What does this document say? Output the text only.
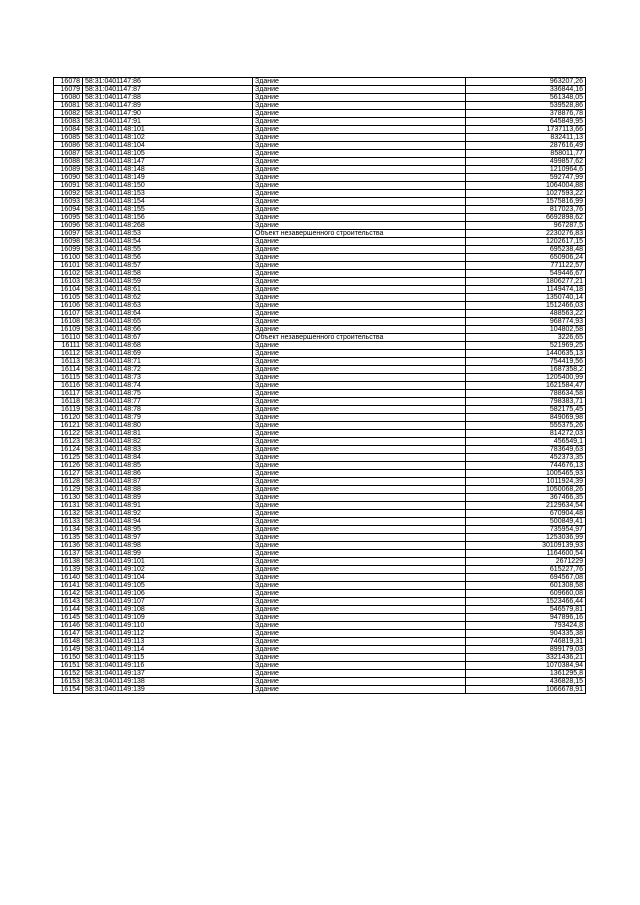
16078	58:31:0401147:86	Здание	963207,26
16079	58:31:0401147:87	Здание	336844,16
16080	58:31:0401147:88	Здание	561348,05
16081	58:31:0401147:89	Здание	539528,86
16082	58:31:0401147:90	Здание	378876,78
16083	58:31:0401147:91	Здание	645849,95
16084	58:31:0401148:101	Здание	1737113,66
16085	58:31:0401148:102	Здание	832411,13
16086	58:31:0401148:104	Здание	287616,49
16087	58:31:0401148:105	Здание	858011,77
16088	58:31:0401148:147	Здание	499857,62
16089	58:31:0401148:148	Здание	1210964,6
16090	58:31:0401148:149	Здание	592747,99
16091	58:31:0401148:150	Здание	1064004,88
16092	58:31:0401148:153	Здание	1027593,22
16093	58:31:0401148:154	Здание	1575816,99
16094	58:31:0401148:155	Здание	817023,76
16095	58:31:0401148:156	Здание	6692898,62
16096	58:31:0401148:268	Здание	967287,5
16097	58:31:0401148:53	Объект незавершенного строительства	2230276,83
16098	58:31:0401148:54	Здание	1202617,15
16099	58:31:0401148:55	Здание	695238,48
16100	58:31:0401148:56	Здание	650906,24
16101	58:31:0401148:57	Здание	771122,57
16102	58:31:0401148:58	Здание	549446,67
16103	58:31:0401148:59	Здание	1806277,21
16104	58:31:0401148:61	Здание	1149474,18
16105	58:31:0401148:62	Здание	1350740,14
16106	58:31:0401148:63	Здание	1512466,03
16107	58:31:0401148:64	Здание	488563,22
16108	58:31:0401148:65	Здание	968774,93
16109	58:31:0401148:66	Здание	104802,58
16110	58:31:0401148:67	Объект незавершенного строительства	3226,65
16111	58:31:0401148:68	Здание	521969,25
16112	58:31:0401148:69	Здание	1440635,13
16113	58:31:0401148:71	Здание	754419,56
16114	58:31:0401148:72	Здание	1687358,2
16115	58:31:0401148:73	Здание	1205400,99
16116	58:31:0401148:74	Здание	1621584,47
16117	58:31:0401148:75	Здание	788634,58
16118	58:31:0401148:77	Здание	798383,71
16119	58:31:0401148:78	Здание	582175,45
16120	58:31:0401148:79	Здание	849069,98
16121	58:31:0401148:80	Здание	555375,26
16122	58:31:0401148:81	Здание	814272,03
16123	58:31:0401148:82	Здание	456549,1
16124	58:31:0401148:83	Здание	783649,63
16125	58:31:0401148:84	Здание	452373,35
16126	58:31:0401148:85	Здание	744676,13
16127	58:31:0401148:86	Здание	1005465,93
16128	58:31:0401148:87	Здание	1011924,39
16129	58:31:0401148:88	Здание	1050068,26
16130	58:31:0401148:89	Здание	367466,35
16131	58:31:0401148:91	Здание	2129634,54
16132	58:31:0401148:92	Здание	670904,48
16133	58:31:0401148:94	Здание	500849,41
16134	58:31:0401148:95	Здание	735954,97
16135	58:31:0401148:97	Здание	1253036,99
16136	58:31:0401148:98	Здание	30109139,93
16137	58:31:0401148:99	Здание	1164600,54
16138	58:31:0401149:101	Здание	2671229
16139	58:31:0401149:102	Здание	615227,76
16140	58:31:0401149:104	Здание	694567,08
16141	58:31:0401149:105	Здание	601308,58
16142	58:31:0401149:106	Здание	609660,08
16143	58:31:0401149:107	Здание	1523466,44
16144	58:31:0401149:108	Здание	546579,81
16145	58:31:0401149:109	Здание	947896,16
16146	58:31:0401149:110	Здание	793424,8
16147	58:31:0401149:112	Здание	904335,38
16148	58:31:0401149:113	Здание	746819,31
16149	58:31:0401149:114	Здание	899179,03
16150	58:31:0401149:115	Здание	3321436,21
16151	58:31:0401149:116	Здание	1070384,94
16152	58:31:0401149:137	Здание	1361295,8
16153	58:31:0401149:138	Здание	436828,15
16154	58:31:0401149:139	Здание	1066678,91
